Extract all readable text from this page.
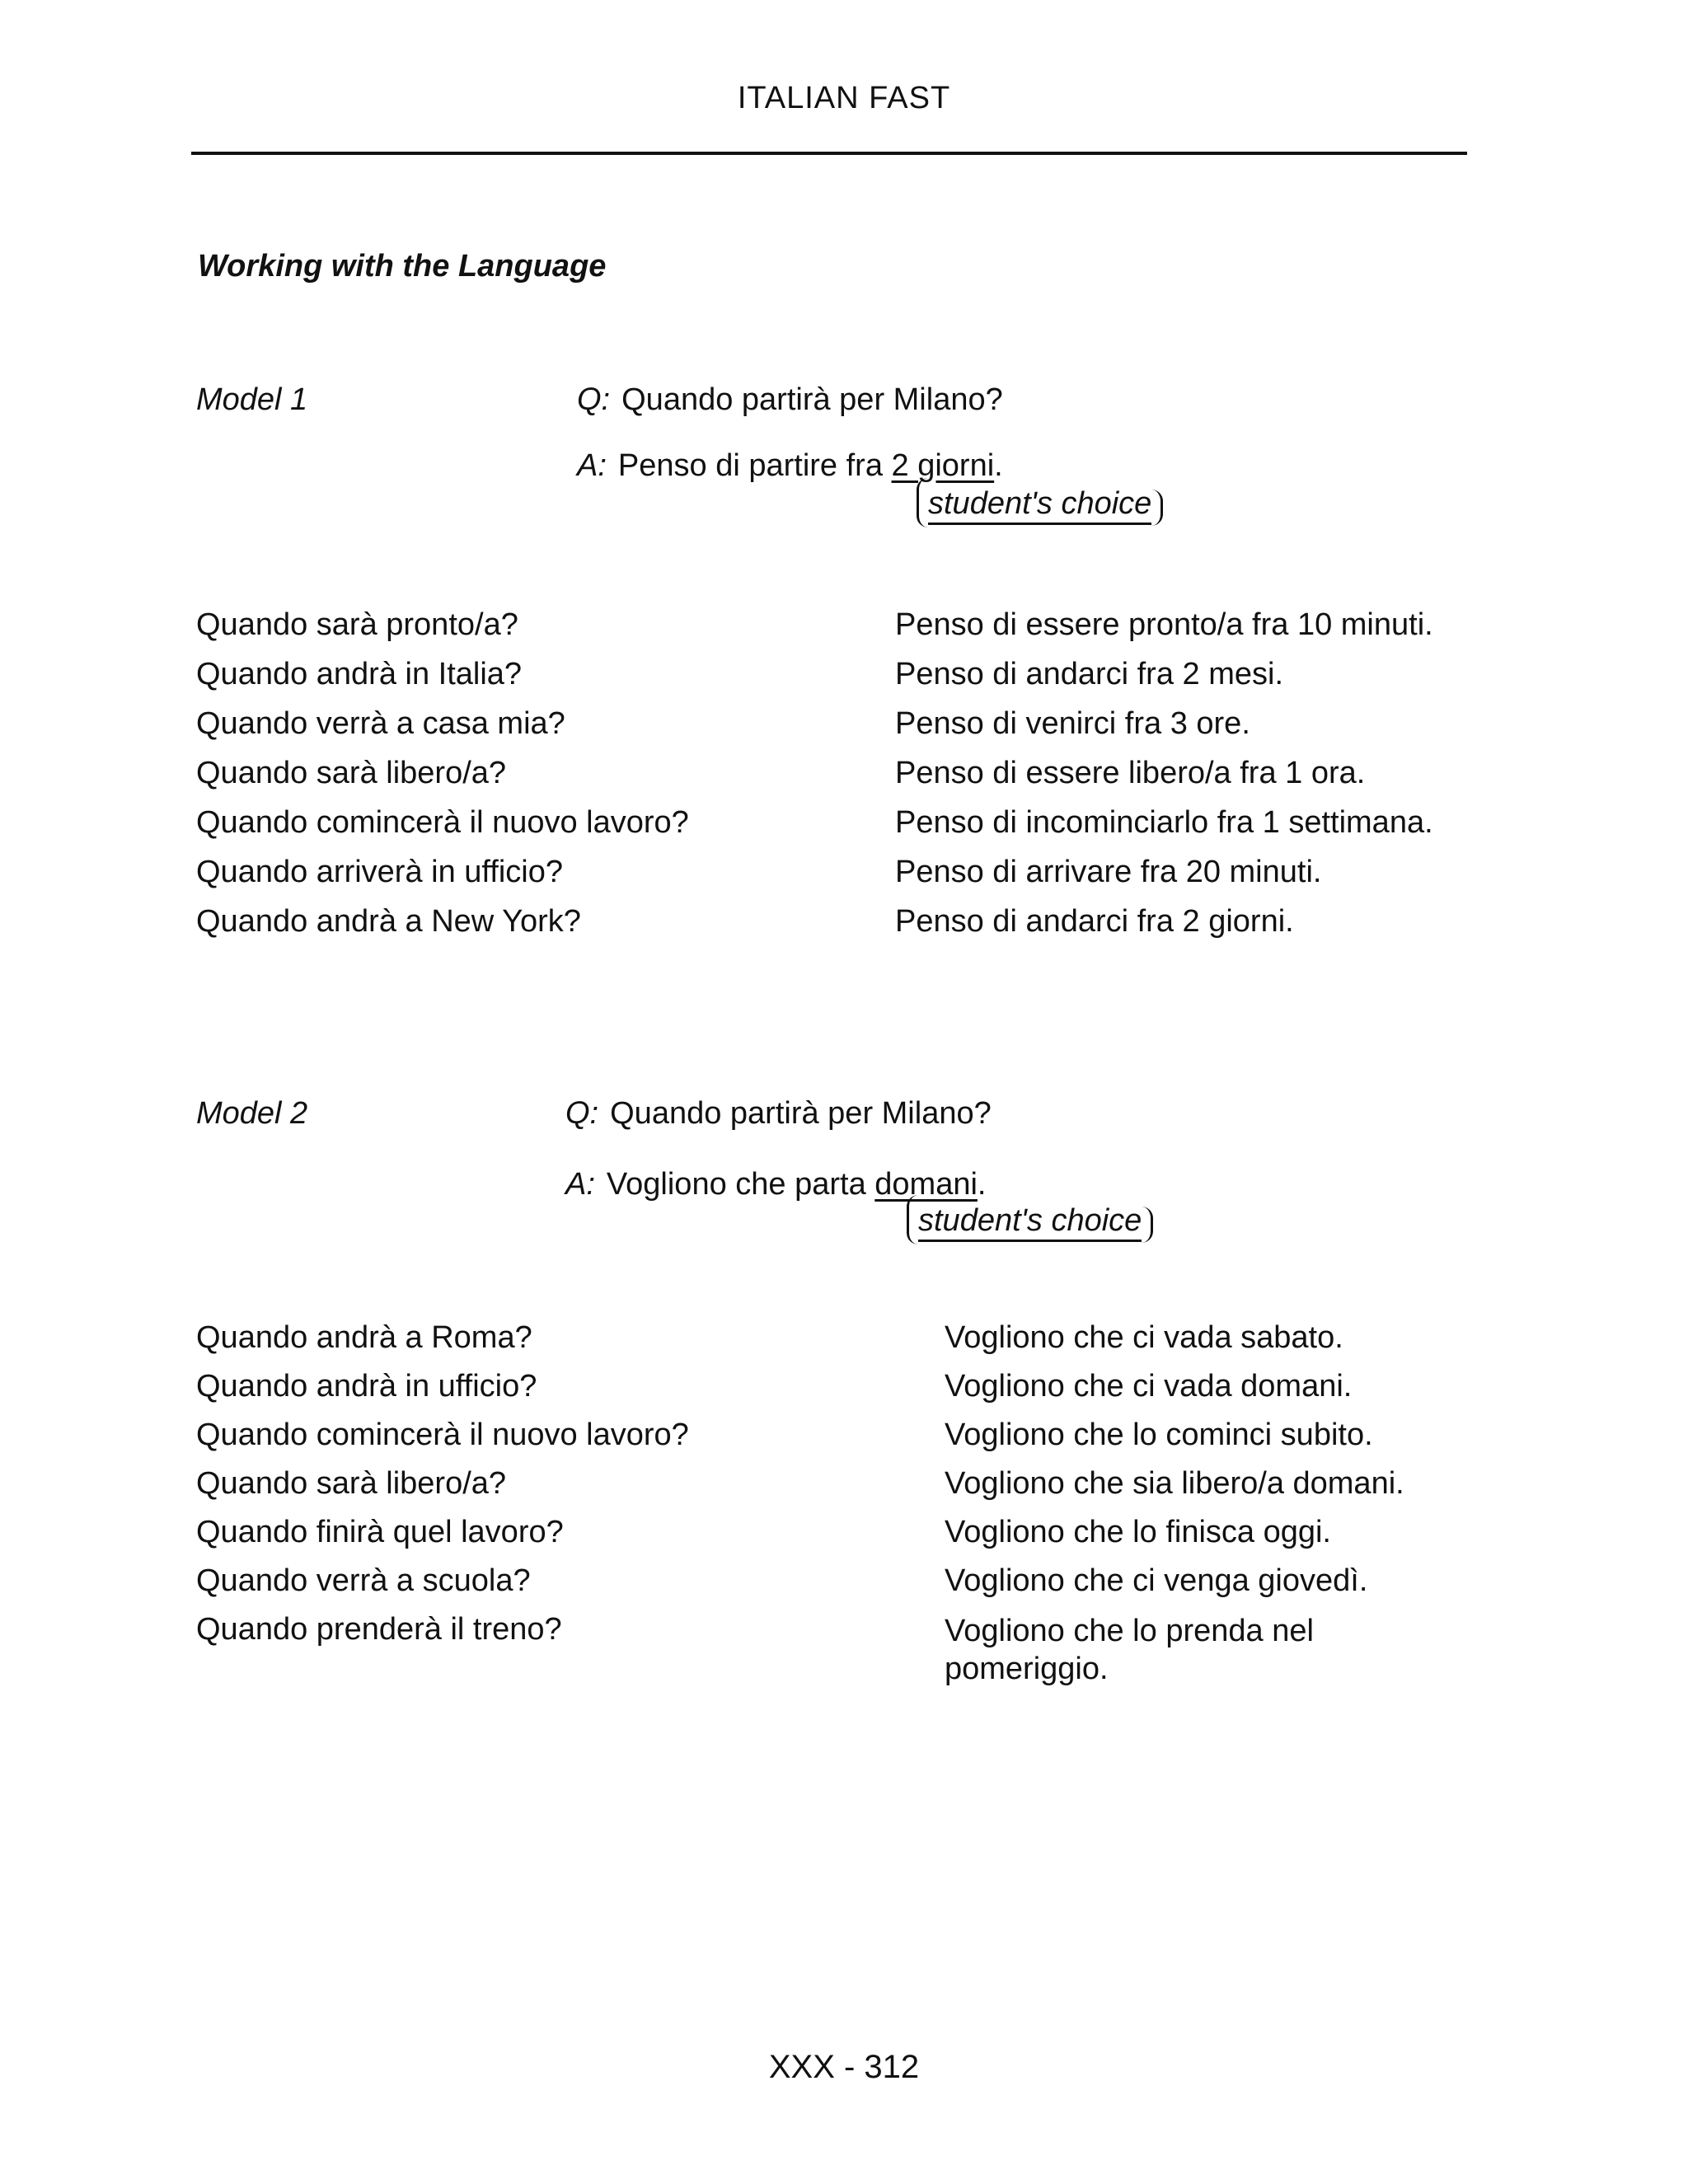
ITALIAN FAST
Working with the Language
Model 1	Q: Quando partirà per Milano?
A: Penso di partire fra 2 giorni.
student's choice
Quando sarà pronto/a?
Quando andrà in Italia?
Quando verrà a casa mia?
Quando sarà libero/a?
Quando comincerà il nuovo lavoro?
Quando arriverà in ufficio?
Quando andrà a New York?
Penso di essere pronto/a fra 10 minuti.
Penso di andarci fra 2 mesi.
Penso di venirci fra 3 ore.
Penso di essere libero/a fra 1 ora.
Penso di incominciarlo fra 1 settimana.
Penso di arrivare fra 20 minuti.
Penso di andarci fra 2 giorni.
Model 2	Q: Quando partirà per Milano?
A: Vogliono che parta domani.
student's choice
Quando andrà a Roma?
Quando andrà in ufficio?
Quando comincerà il nuovo lavoro?
Quando sarà libero/a?
Quando finirà quel lavoro?
Quando verrà a scuola?
Quando prenderà il treno?
Vogliono che ci vada sabato.
Vogliono che ci vada domani.
Vogliono che lo cominci subito.
Vogliono che sia libero/a domani.
Vogliono che lo finisca oggi.
Vogliono che ci venga giovedì.
Vogliono che lo prenda nel pomeriggio.
XXX - 312
